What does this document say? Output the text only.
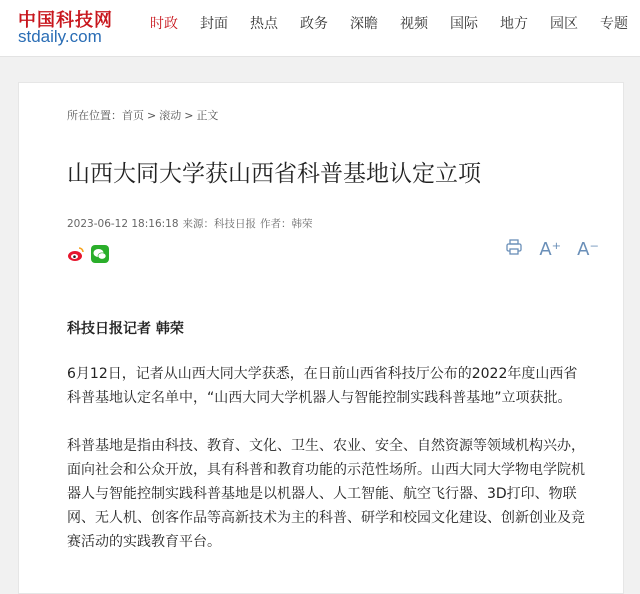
中国科技网
stdaily.com
时政 封面 热点 政务 深瞻 视频 国际 地方 园区 专题
所在位置：首页 > 滚动 > 正文
山西大同大学获山西省科普基地认定立项
2023-06-12 18:16:18 来源：科技日报 作者：韩荣
A⁺ A⁻
科技日报记者 韩荣

6月12日，记者从山西大同大学获悉，在日前山西省科技厅公布的2022年度山西省科普基地认定名单中，“山西大同大学机器人与智能控制实践科普基地”立项获批。

科普基地是指由科技、教育、文化、卫生、农业、安全、自然资源等领域机构兴办，面向社会和公众开放，具有科普和教育功能的示范性场所。山西大同大学物电学院机器人与智能控制实践科普基地是以机器人、人工智能、航空飞行器、3D打印、物联网、无人机、创客作品等高新技术为主的科普、研学和校园文化建设、创新创业及竞赛活动的实践教育平台。
